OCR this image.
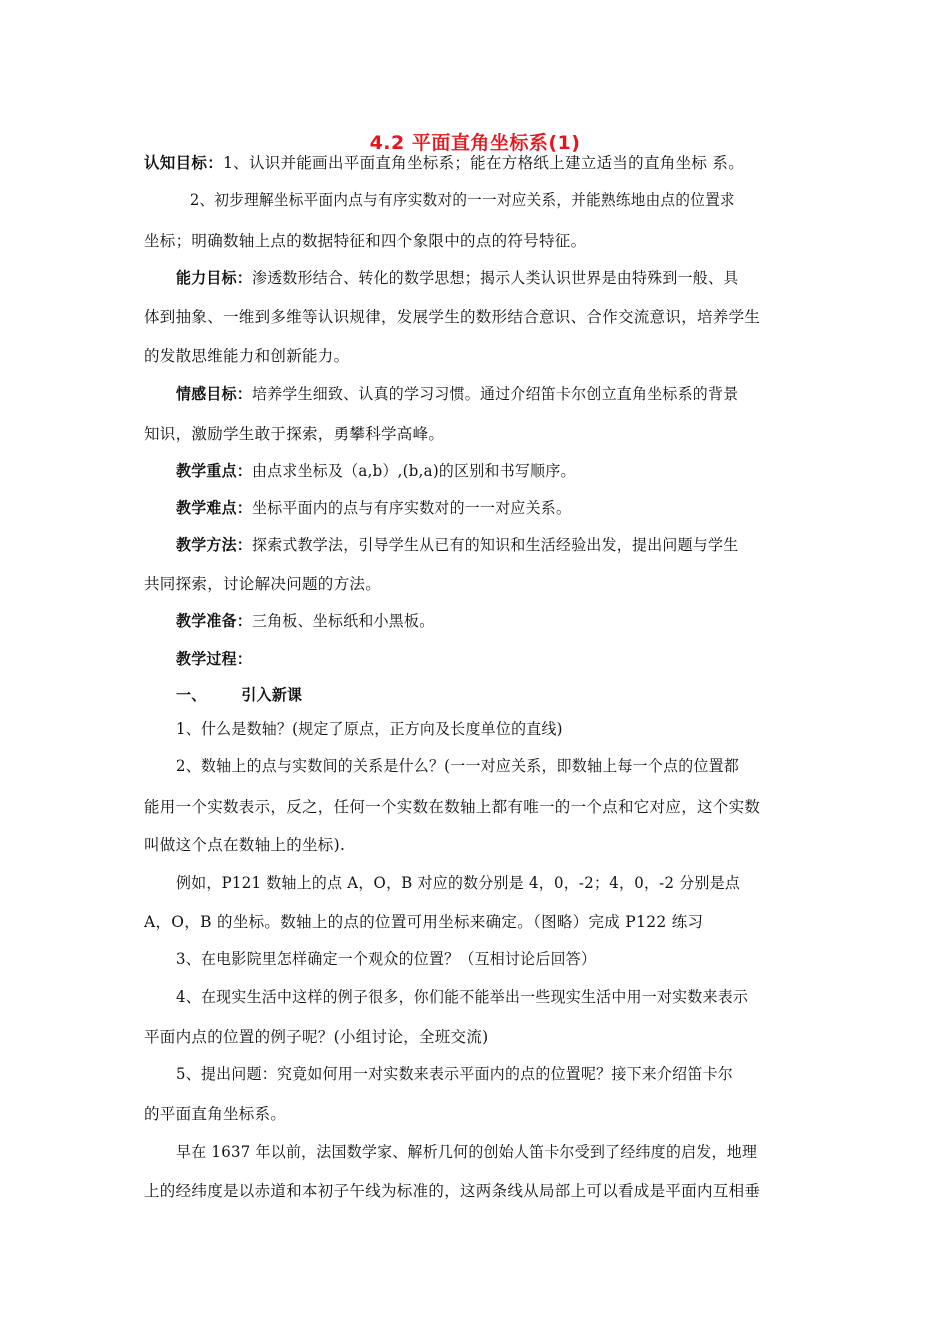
4.2 平面直角坐标系(1)
认知目标：1、认识并能画出平面直角坐标系；能在方格纸上建立适当的直角坐标 系。
2、初步理解坐标平面内点与有序实数对的一一对应关系，并能熟练地由点的位置求
坐标；明确数轴上点的数据特征和四个象限中的点的符号特征。
能力目标：渗透数形结合、转化的数学思想；揭示人类认识世界是由特殊到一般、具
体到抽象、一维到多维等认识规律，发展学生的数形结合意识、合作交流意识，培养学生
的发散思维能力和创新能力。
情感目标：培养学生细致、认真的学习习惯。通过介绍笛卡尔创立直角坐标系的背景
知识，激励学生敢于探索，勇攀科学高峰。
教学重点：由点求坐标及（a,b）,(b,a)的区别和书写顺序。
教学难点：坐标平面内的点与有序实数对的一一对应关系。
教学方法：探索式教学法，引导学生从已有的知识和生活经验出发，提出问题与学生
共同探索，讨论解决问题的方法。
教学准备：三角板、坐标纸和小黑板。
教学过程：
一、 引入新课
1、什么是数轴？(规定了原点，正方向及长度单位的直线)
2、数轴上的点与实数间的关系是什么？(一一对应关系，即数轴上每一个点的位置都
能用一个实数表示，反之，任何一个实数在数轴上都有唯一的一个点和它对应，这个实数
叫做这个点在数轴上的坐标).
例如，P121 数轴上的点 A，O，B 对应的数分别是 4，0，-2；4，0，-2 分别是点
A，O，B 的坐标。数轴上的点的位置可用坐标来确定。（图略）完成 P122 练习
3、在电影院里怎样确定一个观众的位置？（互相讨论后回答）
4、在现实生活中这样的例子很多，你们能不能举出一些现实生活中用一对实数来表示
平面内点的位置的例子呢？(小组讨论，全班交流)
5、提出问题：究竟如何用一对实数来表示平面内的点的位置呢？接下来介绍笛卡尔
的平面直角坐标系。
早在 1637 年以前，法国数学家、解析几何的创始人笛卡尔受到了经纬度的启发，地理
上的经纬度是以赤道和本初子午线为标准的，这两条线从局部上可以看成是平面内互相垂
